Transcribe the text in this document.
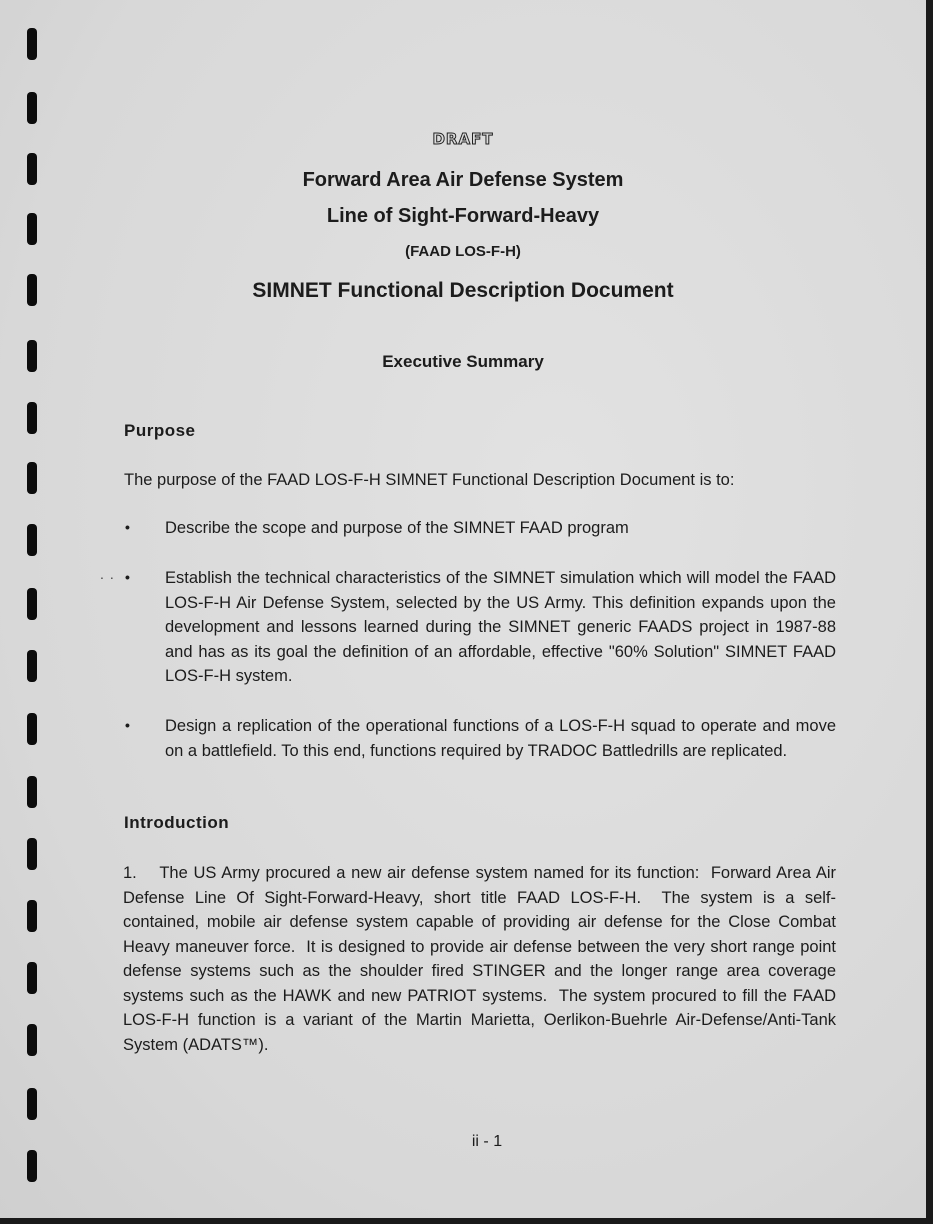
DRAFT
Forward Area Air Defense System
Line of Sight-Forward-Heavy
(FAAD LOS-F-H)
SIMNET Functional Description Document
Executive Summary
Purpose

The purpose of the FAAD LOS-F-H SIMNET Functional Description Document is to:

• Describe the scope and purpose of the SIMNET FAAD program

.. • Establish the technical characteristics of the SIMNET simulation which will model the FAAD LOS-F-H Air Defense System, selected by the US Army. This definition expands upon the development and lessons learned during the SIMNET generic FAADS project in 1987-88 and has as its goal the definition of an affordable, effective "60% Solution" SIMNET FAAD LOS-F-H system.

• Design a replication of the operational functions of a LOS-F-H squad to operate and move on a battlefield. To this end, functions required by TRADOC Battledrills are replicated.

Introduction

1.    The US Army procured a new air defense system named for its function:  Forward Area Air Defense Line Of Sight-Forward-Heavy, short title FAAD LOS-F-H.  The system is a self-contained, mobile air defense system capable of providing air defense for the Close Combat Heavy maneuver force.  It is designed to provide air defense between the very short range point defense systems such as the shoulder fired STINGER and the longer range area coverage systems such as the HAWK and new PATRIOT systems.  The system procured to fill the FAAD LOS-F-H function is a variant of the Martin Marietta, Oerlikon-Buehrle Air-Defense/Anti-Tank System (ADATS™).

ii - 1
